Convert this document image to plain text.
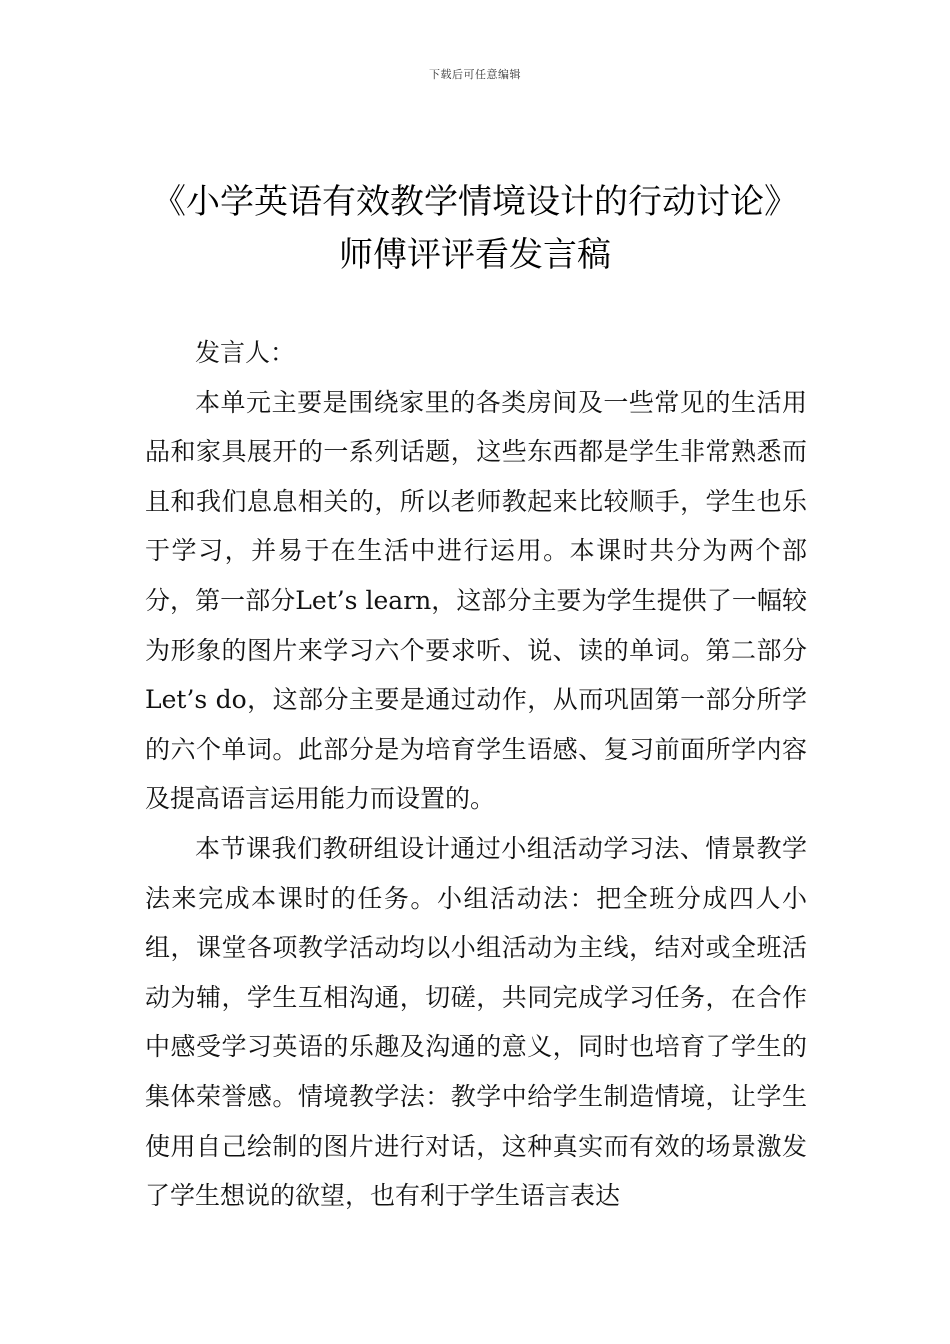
下载后可任意编辑
《小学英语有效教学情境设计的行动讨论》师傅评评看发言稿

发言人：

本单元主要是围绕家里的各类房间及一些常见的生活用品和家具展开的一系列话题，这些东西都是学生非常熟悉而且和我们息息相关的，所以老师教起来比较顺手，学生也乐于学习，并易于在生活中进行运用。本课时共分为两个部分，第一部分Let’s learn，这部分主要为学生提供了一幅较为形象的图片来学习六个要求听、说、读的单词。第二部分Let’s do，这部分主要是通过动作，从而巩固第一部分所学的六个单词。此部分是为培育学生语感、复习前面所学内容及提高语言运用能力而设置的。

本节课我们教研组设计通过小组活动学习法、情景教学法来完成本课时的任务。小组活动法：把全班分成四人小组，课堂各项教学活动均以小组活动为主线，结对或全班活动为辅，学生互相沟通，切磋，共同完成学习任务，在合作中感受学习英语的乐趣及沟通的意义，同时也培育了学生的集体荣誉感。情境教学法：教学中给学生制造情境，让学生使用自己绘制的图片进行对话，这种真实而有效的场景激发了学生想说的欲望，也有利于学生语言表达
